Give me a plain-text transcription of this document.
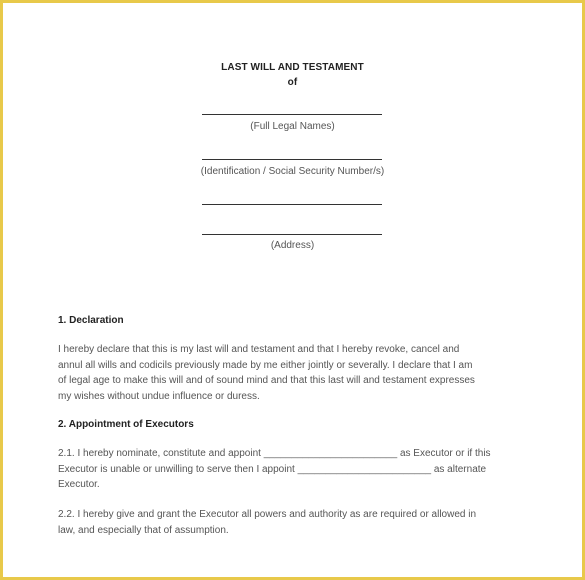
LAST WILL AND TESTAMENT
of
(Full Legal Names)
(Identification / Social Security Number/s)
(Address)
1. Declaration
I hereby declare that this is my last will and testament and that I hereby revoke, cancel and
annul all wills and codicils previously made by me either jointly or severally. I declare that I am
of legal age to make this will and of sound mind and that this last will and testament expresses
my wishes without undue influence or duress.
2. Appointment of Executors
2.1. I hereby nominate, constitute and appoint ________________________ as Executor or if this
Executor is unable or unwilling to serve then I appoint ________________________ as alternate
Executor.
2.2. I hereby give and grant the Executor all powers and authority as are required or allowed in
law, and especially that of assumption.
